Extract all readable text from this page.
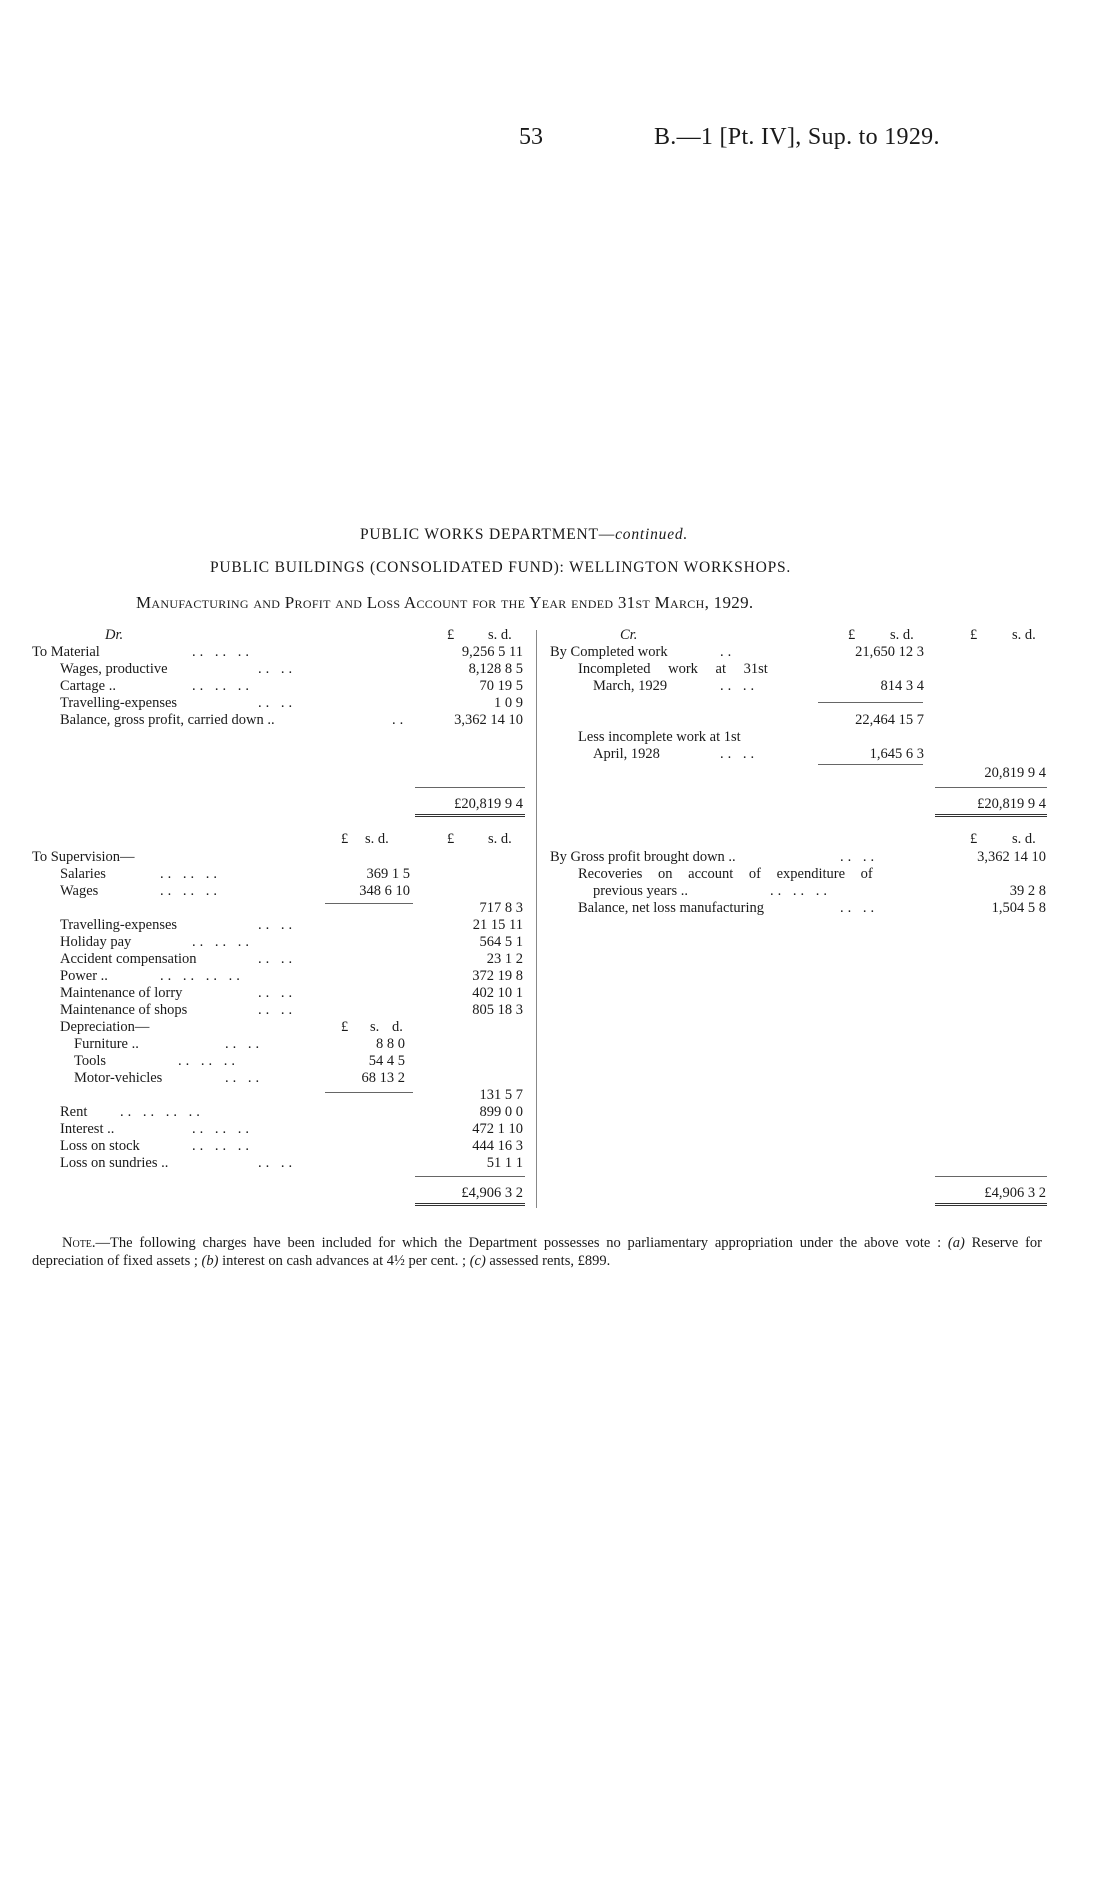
53	B.—1 [Pt. IV], Sup. to 1929.
PUBLIC WORKS DEPARTMENT—continued.
PUBLIC BUILDINGS (CONSOLIDATED FUND): WELLINGTON WORKSHOPS.
Manufacturing and Profit and Loss Account for the Year ended 31st March, 1929.
Dr.	£ s. d.
To Material	.. .. ..	9,256 5 11
Wages, productive	.. ..	8,128 8 5
Cartage ..	.. .. ..	70 19 5
Travelling-expenses	.. ..	1 0 9
Balance, gross profit, carried down ..	..	3,362 14 10
£20,819 9 4
Cr.	£ s. d.	£ s. d.
By Completed work	..	21,650 12 3
Incompleted work at 31st
March, 1929	.. ..	814 3 4
22,464 15 7
Less incomplete work at 1st
April, 1928	.. ..	1,645 6 3
20,819 9 4
£20,819 9 4
£ s. d.	£ s. d.
To Supervision—
Salaries	.. .. ..	369 1 5
Wages	.. .. ..	348 6 10
717 8 3
Travelling-expenses	.. ..	21 15 11
Holiday pay	.. .. ..	564 5 1
Accident compensation	.. ..	23 1 2
Power ..	.. .. .. ..	372 19 8
Maintenance of lorry	.. ..	402 10 1
Maintenance of shops	.. ..	805 18 3
Depreciation—	£ s. d.
Furniture ..	.. ..	8 8 0
Tools	.. .. ..	54 4 5
Motor-vehicles	.. ..	68 13 2
131 5 7
Rent .. .. .. ..	899 0 0
Interest ..	.. .. ..	472 1 10
Loss on stock	.. .. ..	444 16 3
Loss on sundries ..	.. ..	51 1 1
£4,906 3 2
£ s. d.
By Gross profit brought down ..	.. ..	3,362 14 10
Recoveries on account of expenditure of
previous years ..	.. .. ..	39 2 8
Balance, net loss manufacturing	.. ..	1,504 5 8
£4,906 3 2
Note.—The following charges have been included for which the Department possesses no parliamentary appropriation under the above vote : (a) Reserve for depreciation of fixed assets ; (b) interest on cash advances at 4½ per cent. ; (c) assessed rents, £899.
